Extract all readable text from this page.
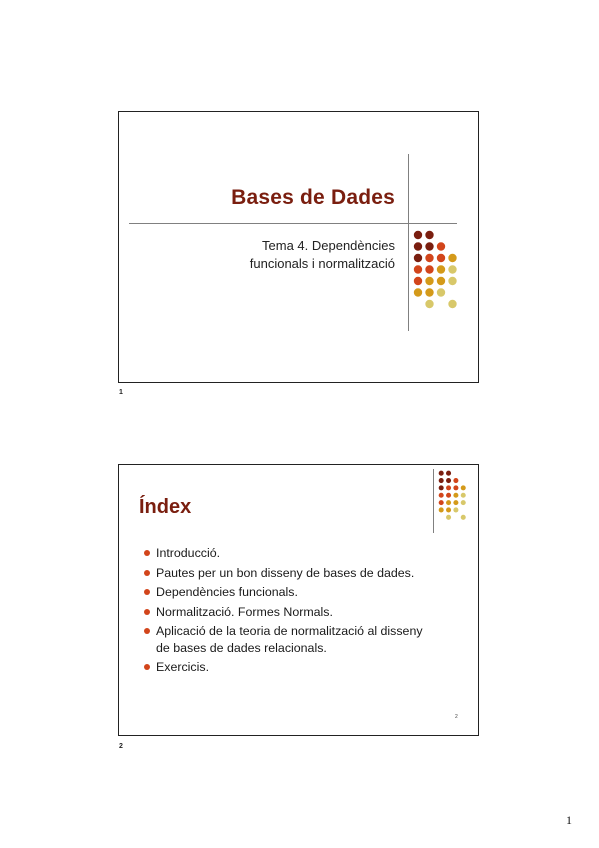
Bases de Dades
Tema 4. Dependències
funcionals i normalització
1
Índex
Introducció.
Pautes per un bon disseny de bases de dades.
Dependències funcionals.
Normalització. Formes Normals.
Aplicació de la teoria de normalització al disseny
de bases de dades relacionals.
Exercicis.
2
2
1
